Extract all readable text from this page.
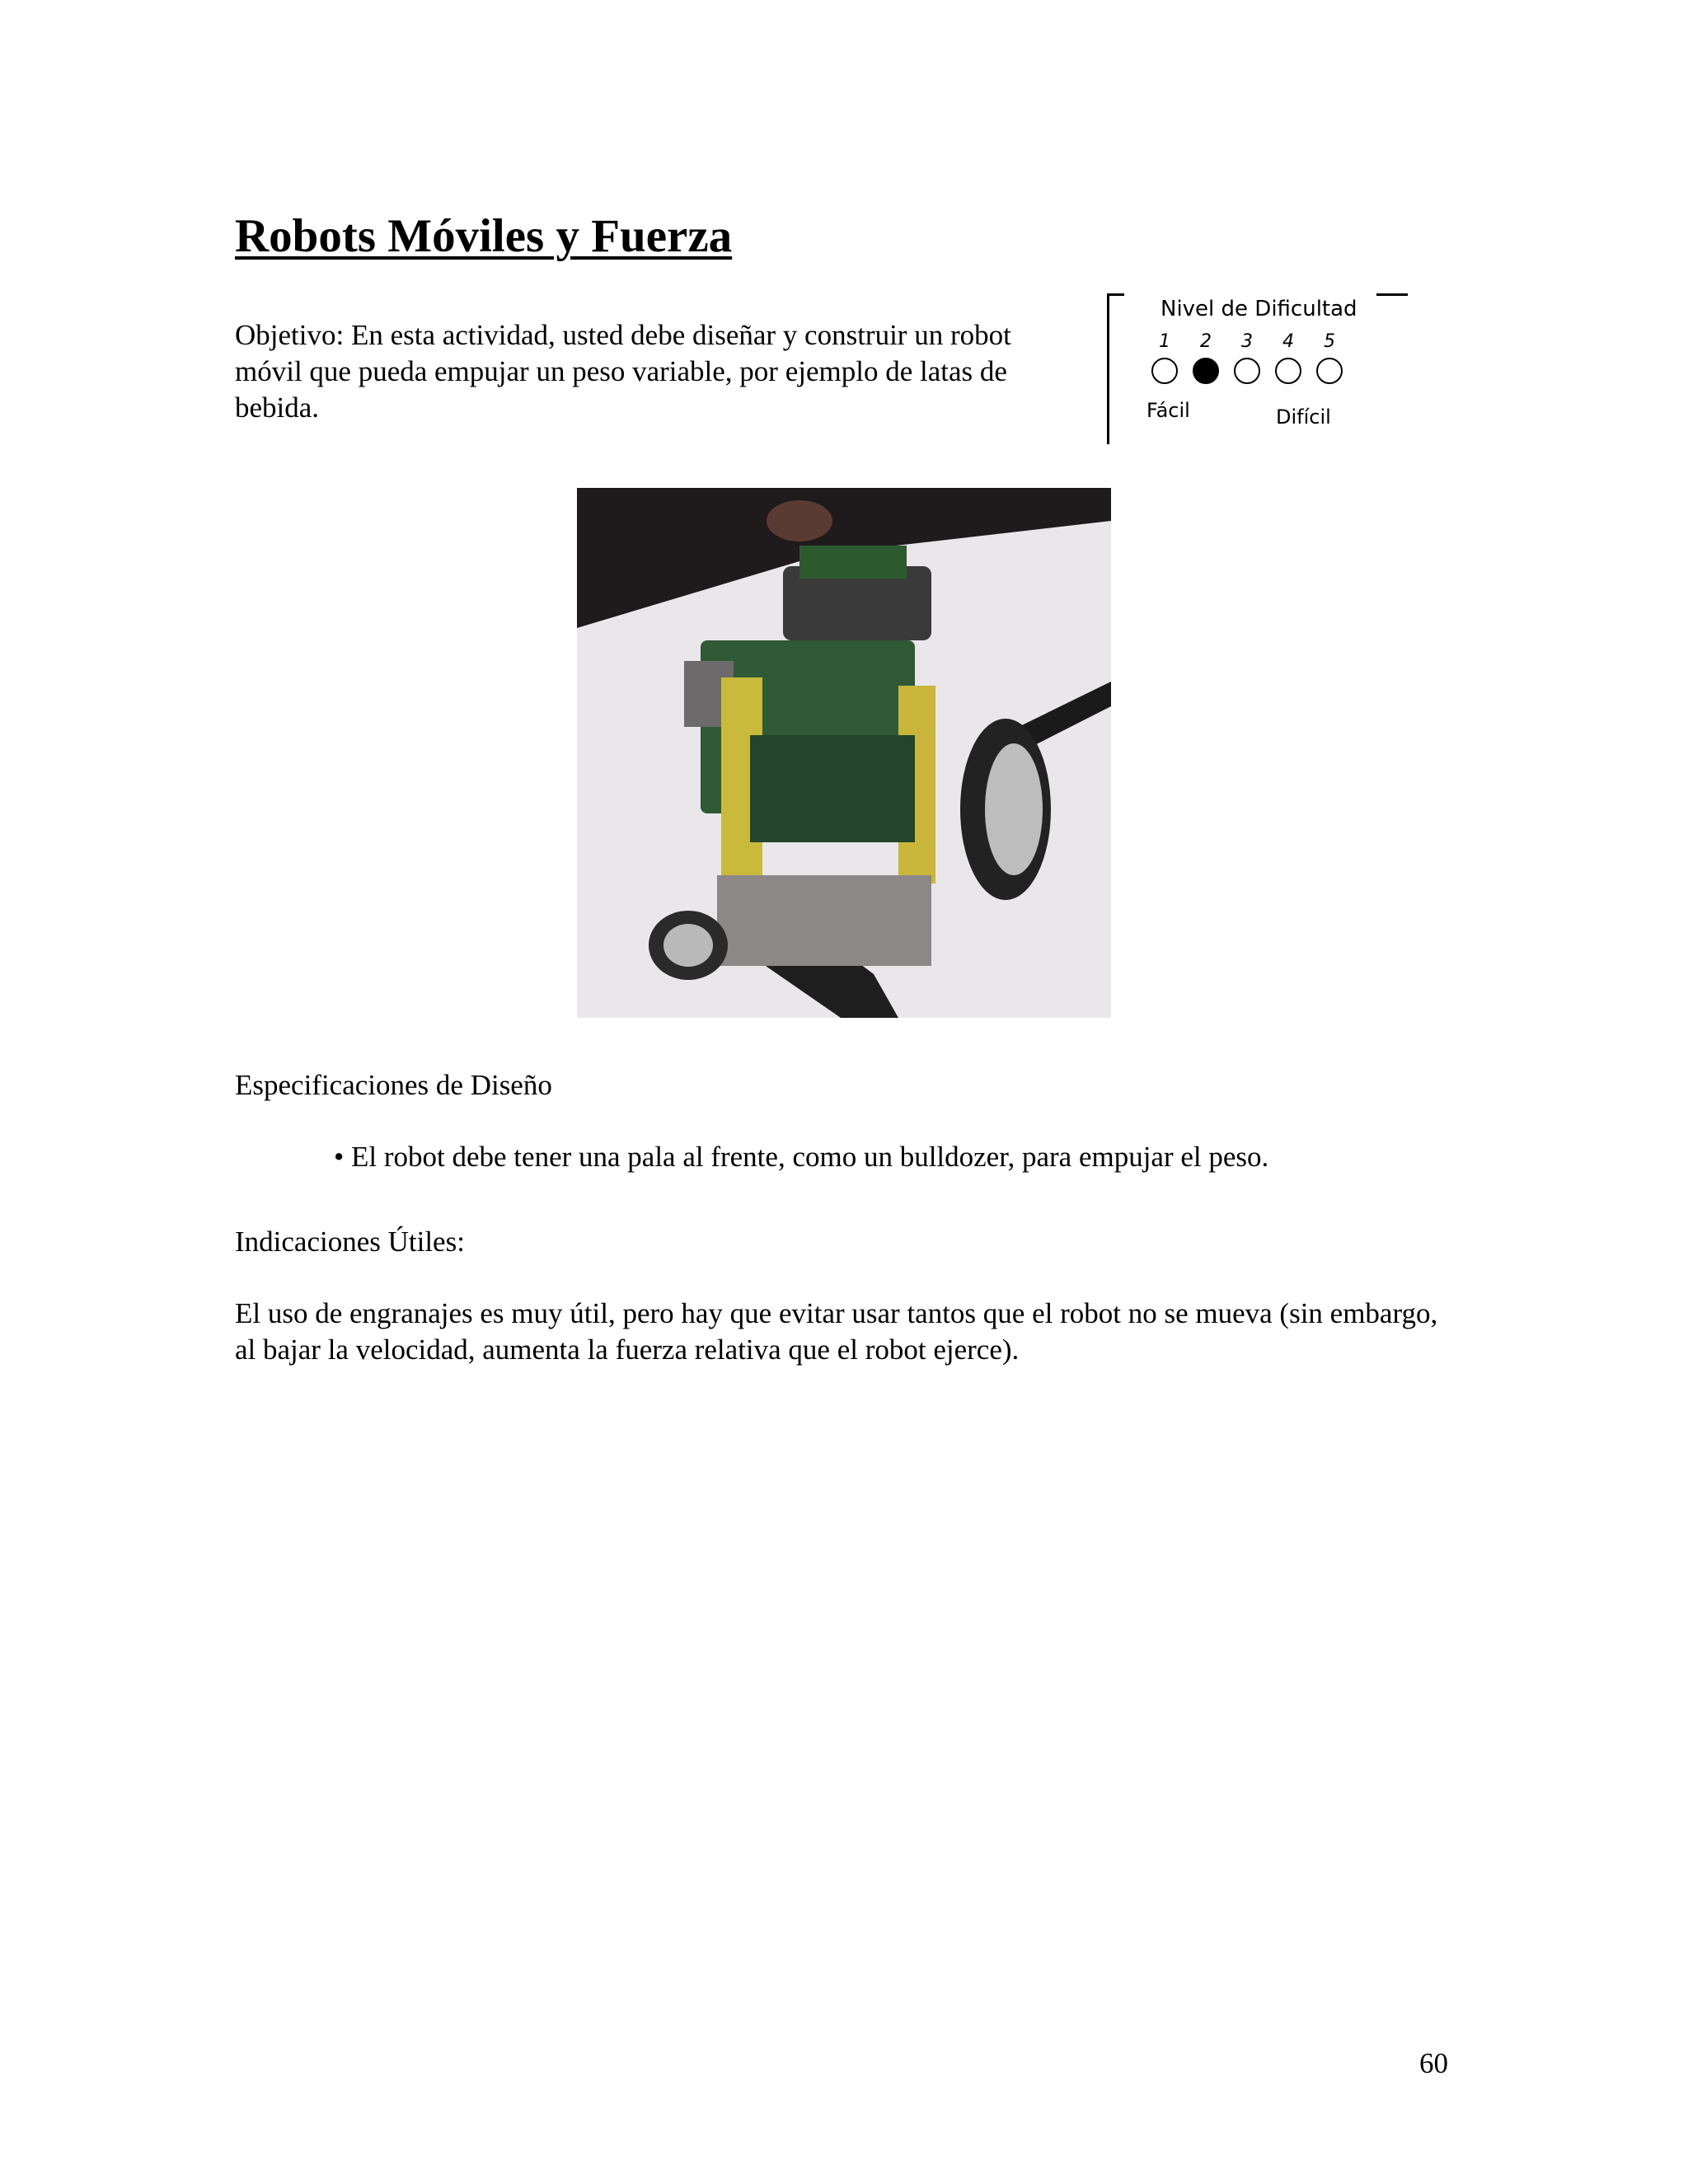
Robots Móviles y Fuerza

Objetivo: En esta actividad, usted debe diseñar y construir un robot móvil que pueda empujar un peso variable, por ejemplo de latas de bebida.

Nivel de Dificultad
1	2	3	4	5
Fácil	Difícil

Especificaciones de Diseño

• El robot debe tener una pala al frente, como un bulldozer, para empujar el peso.

Indicaciones Útiles:

El uso de engranajes es muy útil, pero hay que evitar usar tantos que el robot no se mueva (sin embargo, al bajar la velocidad, aumenta la fuerza relativa que el robot ejerce).

60
